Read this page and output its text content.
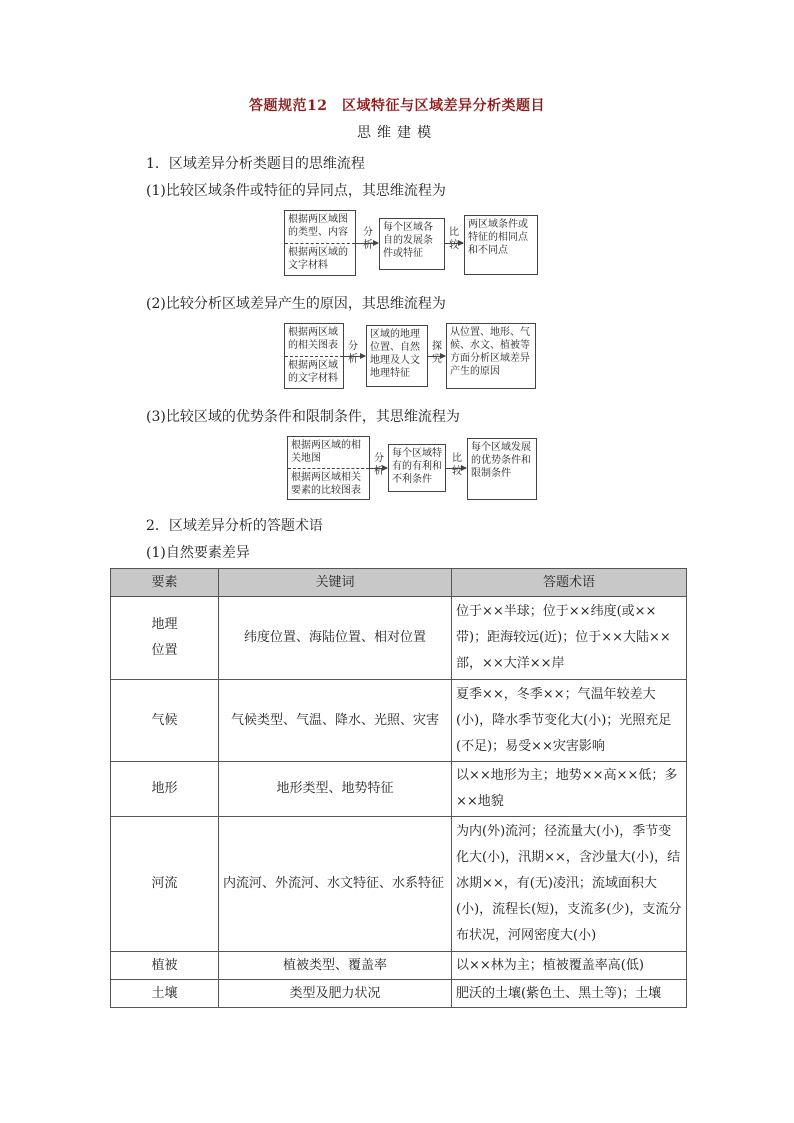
答题规范12　区域特征与区域差异分析类题目
思维建模
1．区域差异分析类题目的思维流程
(1)比较区域条件或特征的异同点，其思维流程为
根据两区域图的类型、内容
根据两区域的文字材料
分析
每个区域各自的发展条件或特征
比较
两区域条件或特征的相同点和不同点
(2)比较分析区域差异产生的原因，其思维流程为
根据两区域的相关图表
根据两区域的文字材料
分析
区域的地理位置、自然地理及人文地理特征
探究
从位置、地形、气候、水文、植被等方面分析区域差异产生的原因
(3)比较区域的优势条件和限制条件，其思维流程为
根据两区域的相关地图
根据两区域相关要素的比较图表
分析
每个区域特有的有利和不利条件
比较
每个区域发展的优势条件和限制条件
2．区域差异分析的答题术语
(1)自然要素差异
要素	关键词	答题术语
地理
位置	纬度位置、海陆位置、相对位置	位于××半球；位于××纬度(或××带)；距海较远(近)；位于××大陆××部，××大洋××岸
气候	气候类型、气温、降水、光照、灾害	夏季××，冬季××；气温年较差大(小)，降水季节变化大(小)；光照充足(不足)；易受××灾害影响
地形	地形类型、地势特征	以××地形为主；地势××高××低；多××地貌
河流	内流河、外流河、水文特征、水系特征	为内(外)流河；径流量大(小)，季节变化大(小)，汛期××，含沙量大(小)，结冰期××，有(无)凌汛；流域面积大(小)，流程长(短)，支流多(少)，支流分布状况，河网密度大(小)
植被	植被类型、覆盖率	以××林为主；植被覆盖率高(低)
土壤	类型及肥力状况	肥沃的土壤(紫色土、黑土等)；土壤
